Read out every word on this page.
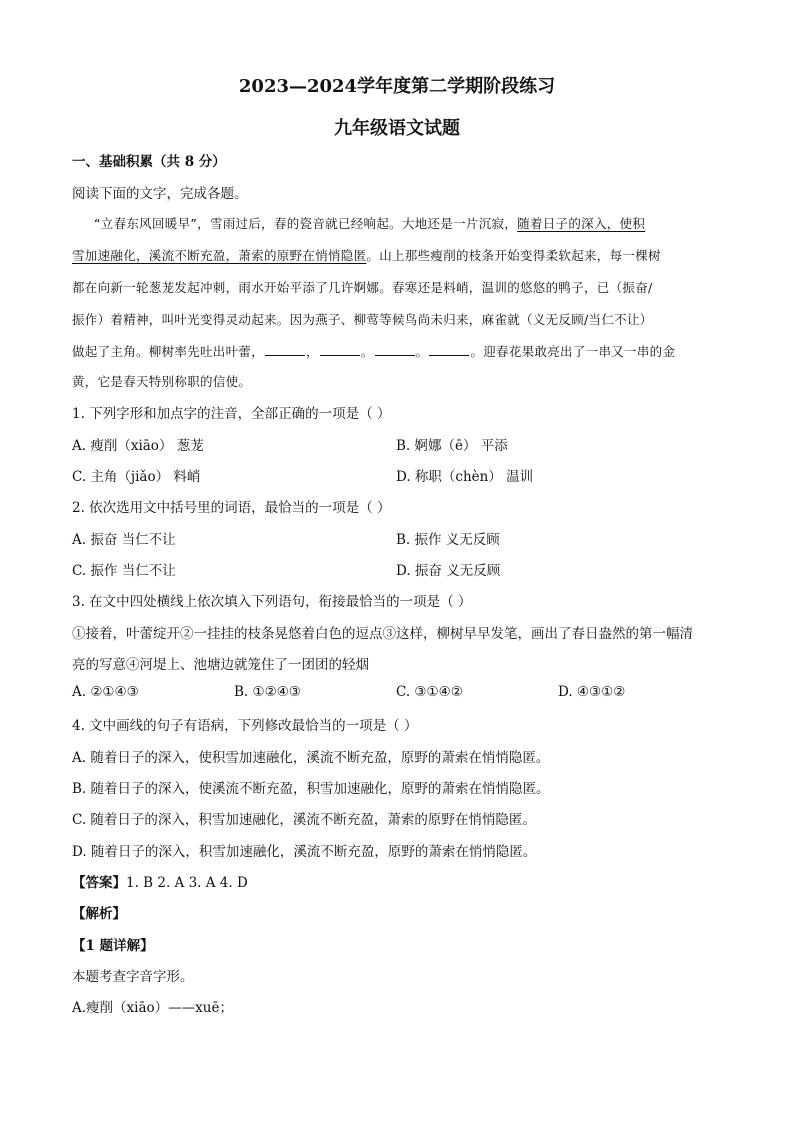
2023—2024学年度第二学期阶段练习
九年级语文试题
一、基础积累（共 8 分）
阅读下面的文字，完成各题。
“立春东风回暖早”，雪雨过后，春的瓷音就已经响起。大地还是一片沉寂，随着日子的深入，使积
雪加速融化，溪流不断充盈，萧索的原野在悄悄隐匿。山上那些瘦削的枝条开始变得柔软起来，每一棵树
都在向新一轮葱茏发起冲刺，雨水开始平添了几许婀娜。春寒还是料峭，温训的悠悠的鸭子，已（振奋/
振作）着精神，叫叶光变得灵动起来。因为燕子、柳莺等候鸟尚未归来，麻雀就（义无反顾/当仁不让）
做起了主角。柳树率先吐出叶蕾，	，	。	。	。迎春花果敢亮出了一串又一串的金
黄，它是春天特别称职的信使。
1. 下列字形和加点字的注音，全部正确的一项是（ ）
A. 瘦削（xiāo） 葱茏	B. 婀娜（ē） 平添
C. 主角（jiǎo） 料峭	D. 称职（chèn） 温训
2. 依次选用文中括号里的词语，最恰当的一项是（ ）
A. 振奋 当仁不让	B. 振作 义无反顾
C. 振作 当仁不让	D. 振奋 义无反顾
3. 在文中四处横线上依次填入下列语句，衔接最恰当的一项是（ ）
①接着，叶蕾绽开②一挂挂的枝条晃悠着白色的逗点③这样，柳树早早发笔，画出了春日盎然的第一幅清
亮的写意④河堤上、池塘边就笼住了一团团的轻烟
A. ②①④③	B. ①②④③	C. ③①④②	D. ④③①②
4. 文中画线的句子有语病，下列修改最恰当的一项是（ ）
A. 随着日子的深入，使积雪加速融化，溪流不断充盈，原野的萧索在悄悄隐匿。
B. 随着日子的深入，使溪流不断充盈，积雪加速融化，原野的萧索在悄悄隐匿。
C. 随着日子的深入，积雪加速融化，溪流不断充盈，萧索的原野在悄悄隐匿。
D. 随着日子的深入，积雪加速融化，溪流不断充盈，原野的萧索在悄悄隐匿。
【答案】1. B 2. A 3. A 4. D
【解析】
【1 题详解】
本题考查字音字形。
A.瘦削（xiāo）——xuē；
